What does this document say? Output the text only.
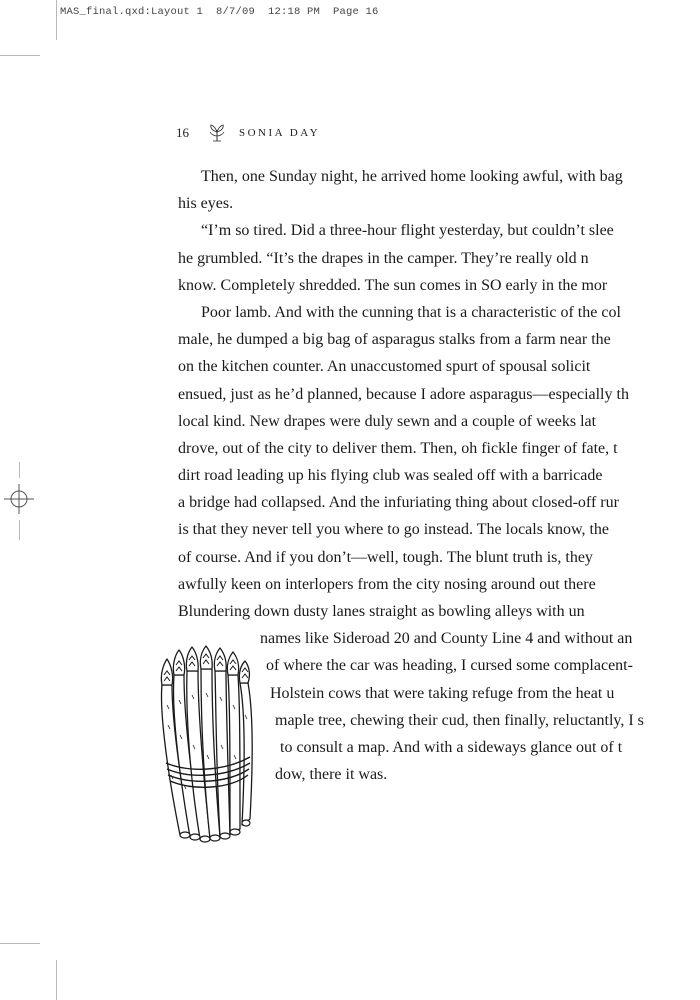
MAS_final.qxd:Layout 1  8/7/09  12:18 PM  Page 16
16	SONIA DAY
Then, one Sunday night, he arrived home looking awful, with bag
his eyes.
“I’m so tired. Did a three-hour flight yesterday, but couldn’t slee
he grumbled. “It’s the drapes in the camper. They’re really old n
know. Completely shredded. The sun comes in SO early in the mor
Poor lamb. And with the cunning that is a characteristic of the col
male, he dumped a big bag of asparagus stalks from a farm near the
on the kitchen counter. An unaccustomed spurt of spousal solicit
ensued, just as he’d planned, because I adore asparagus—especially th
local kind. New drapes were duly sewn and a couple of weeks lat
drove, out of the city to deliver them. Then, oh fickle finger of fate, t
dirt road leading up his flying club was sealed off with a barricade
a bridge had collapsed. And the infuriating thing about closed-off rur
is that they never tell you where to go instead. The locals know, the
of course. And if you don’t—well, tough. The blunt truth is, they
awfully keen on interlopers from the city nosing around out there
Blundering down dusty lanes straight as bowling alleys with un
names like Sideroad 20 and County Line 4 and without an
of where the car was heading, I cursed some complacent-
Holstein cows that were taking refuge from the heat u
maple tree, chewing their cud, then finally, reluctantly, I s
to consult a map. And with a sideways glance out of t
dow, there it was.
